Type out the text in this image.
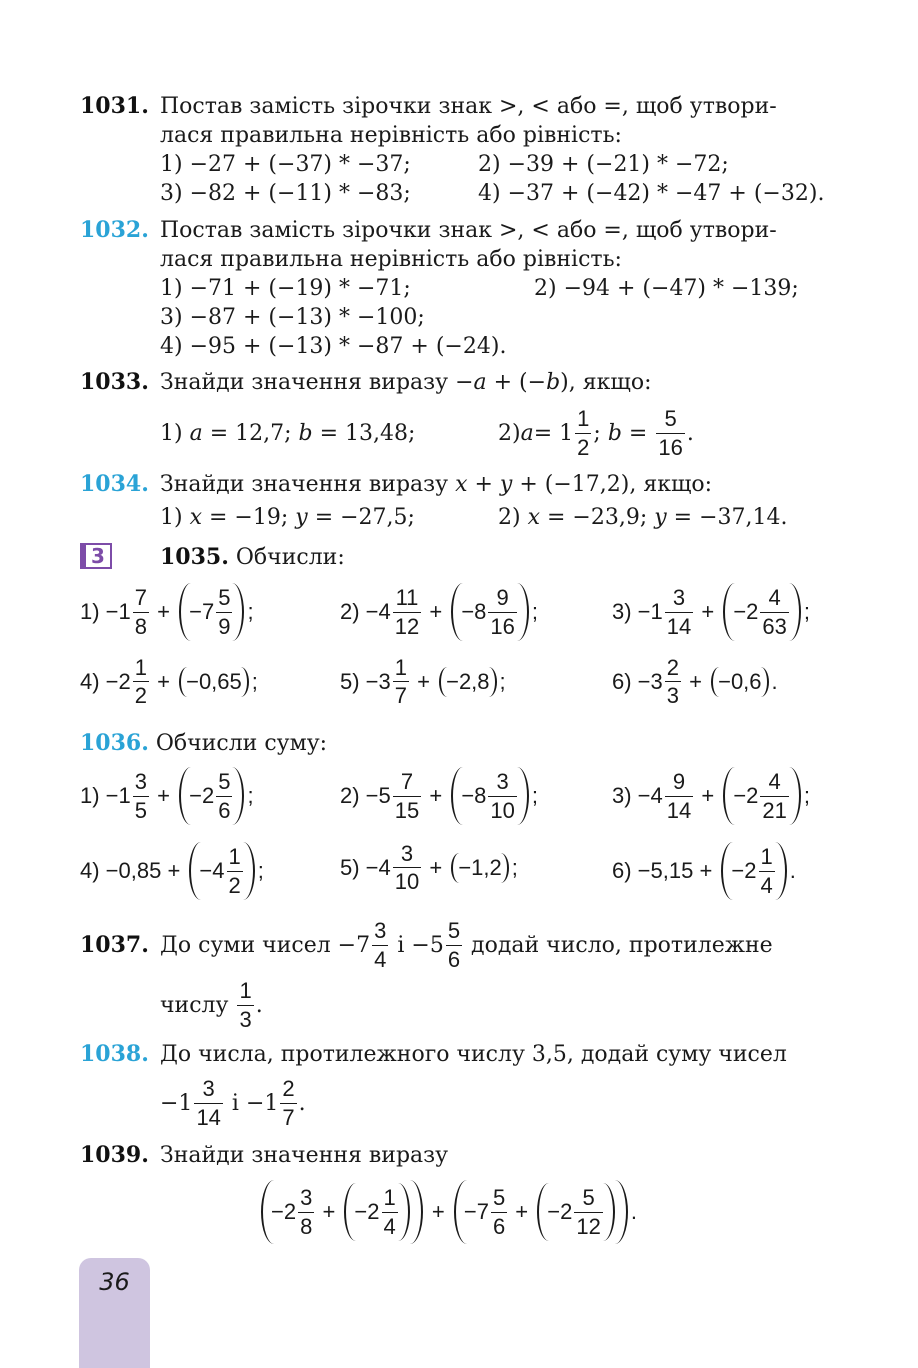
1031. Постав замість зірочки знак >, < або =, щоб утвори-
лася правильна нерівність або рівність:
1) −27 + (−37) * −37;	2) −39 + (−21) * −72;
3) −82 + (−11) * −83;	4) −37 + (−42) * −47 + (−32).
1032. Постав замість зірочки знак >, < або =, щоб утвори-
лася правильна нерівність або рівність:
1) −71 + (−19) * −71;	2) −94 + (−47) * −139;
3) −87 + (−13) * −100;
4) −95 + (−13) * −87 + (−24).
1033. Знайди значення виразу −a + (−b), якщо:
1) a = 12,7; b = 13,48;	2) $a = 1 \frac{1}{2}$ ; $b = \frac{5}{16}$ .
1034. Знайди значення виразу x + y + (−17,2), якщо:
1) x = −19; y = −27,5;	2) x = −23,9; y = −37,14.
3	1035. Обчисли:
$1) -1 \frac{7}{8} + -7 \frac{5}{9}$ ;	$2) -4 \frac{11}{12} + -8 \frac{9}{16}$ ;	$3) -1 \frac{3}{14} + -2 \frac{4}{63}$ ;
$4) -2 \frac{1}{2} + -0,65$ ;	$5) -3 \frac{1}{7} + -2,8$ ;	$6) -3 \frac{2}{3} + -0,6$ .
1036. Обчисли суму:
$1) -1 \frac{3}{5} + -2 \frac{5}{6}$ ;	$2) -5 \frac{7}{15} + -8 \frac{3}{10}$ ;	$3) -4 \frac{9}{14} + -2 \frac{4}{21}$ ;
$4) -0,85 + -4 \frac{1}{2}$ ;	$5) -4 \frac{3}{10} + -1,2$ ;	$6) -5,15 + -2 \frac{1}{4}$ .
1037. До суми чисел $-7 \frac{3}{4}$ $і -5 \frac{5}{6}$ додай число, протилежне
числу $\frac{1}{3}$ .
1038. До числа, протилежного числу 3,5, додай суму чисел
$-1 \frac{3}{14}$ $і -1 \frac{2}{7}$ .
1039. Знайди значення виразу
$-2 \frac{3}{8} + -2 \frac{1}{4} + -7 \frac{5}{6} + -2 \frac{5}{12}$ .
36
